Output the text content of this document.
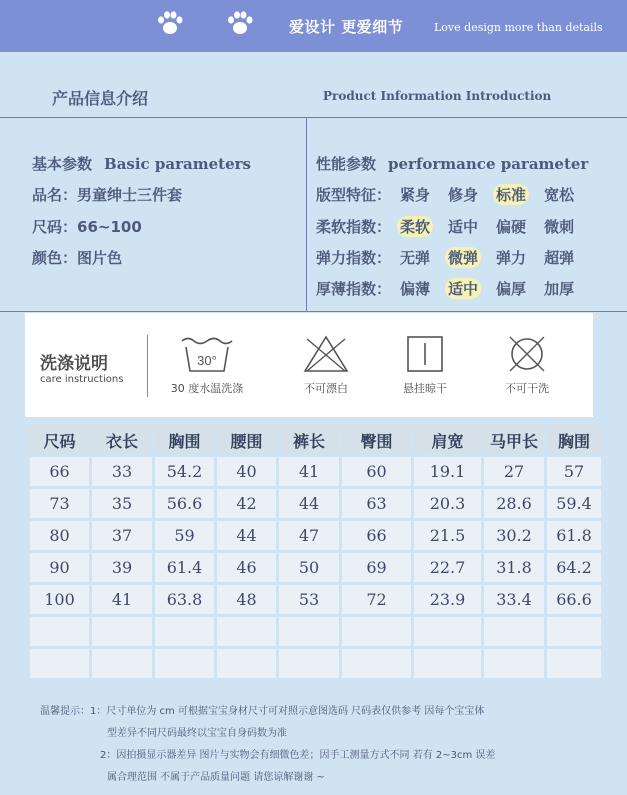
爱设计 更爱细节	Love design more than details
产品信息介绍	Product Information Introduction
基本参数 Basic parameters
品名：男童绅士三件套
尺码：66~100
颜色：图片色
性能参数 performance parameter
版型特征： 紧身 修身 标准 宽松
柔软指数： 柔软 适中 偏硬 微刺
弹力指数： 无弹 微弹 弹力 超弹
厚薄指数： 偏薄 适中 偏厚 加厚
洗涤说明
care instructions
30°
30 度水温洗涤	不可漂白	悬挂晾干	不可干洗
尺码	衣长	胸围	腰围	裤长	臀围	肩宽	马甲长	胸围
66	33	54.2	40	41	60	19.1	27	57
73	35	56.6	42	44	63	20.3	28.6	59.4
80	37	59	44	47	66	21.5	30.2	61.8
90	39	61.4	46	50	69	22.7	31.8	64.2
100	41	63.8	48	53	72	23.9	33.4	66.6

温馨提示：1：尺寸单位为 cm 可根据宝宝身材尺寸可对照示意图选码 尺码表仅供参考 因每个宝宝体
型差异不同尺码最终以宝宝自身码数为准
2：因拍摄显示器差异 图片与实物会有细微色差；因手工测量方式不同 若有 2~3cm 误差
属合理范围 不属于产品质量问题 请您谅解谢谢 ~
